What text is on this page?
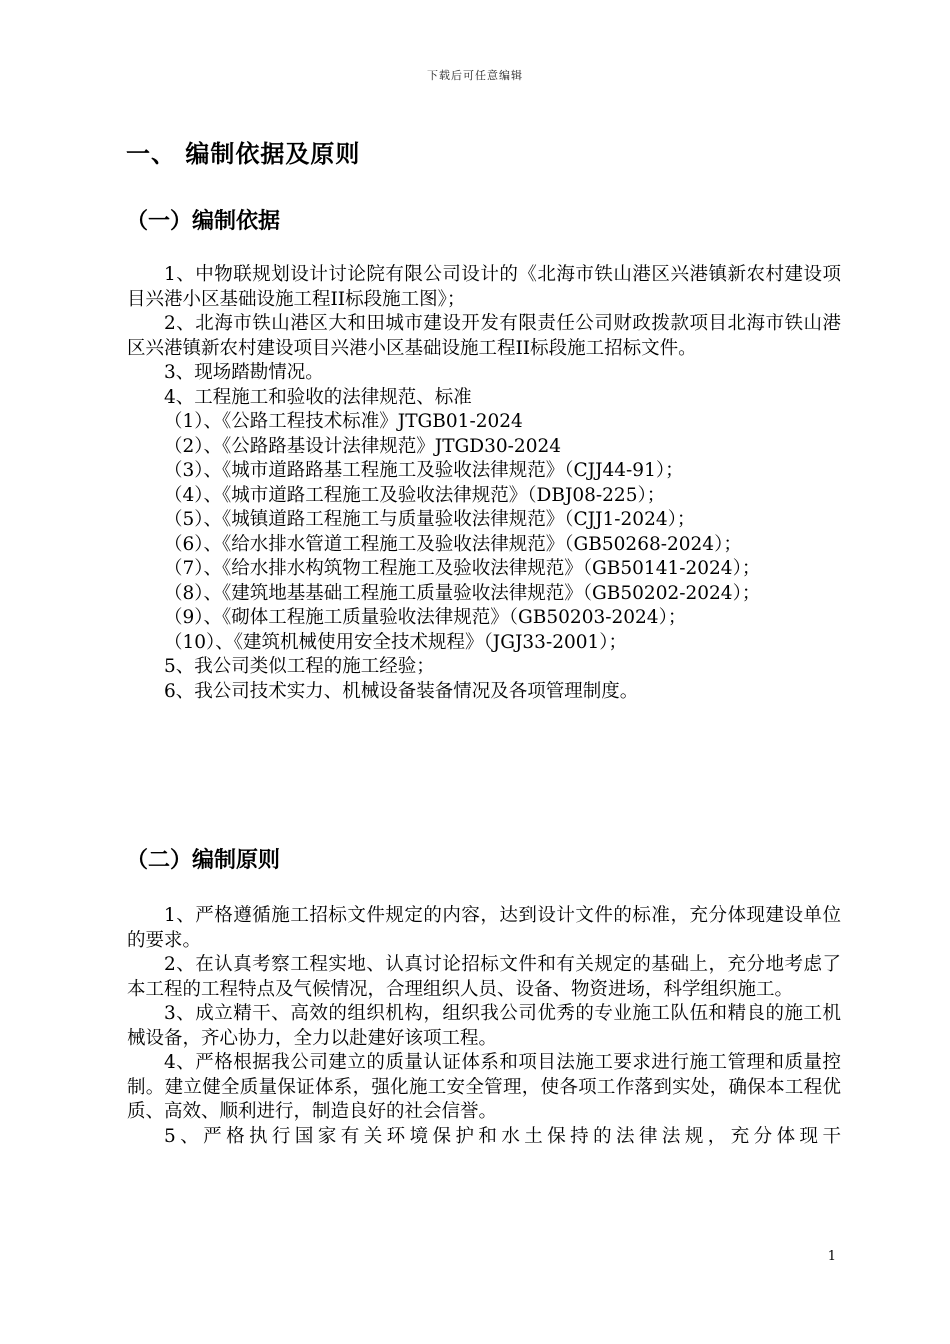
下载后可任意编辑
一、 编制依据及原则
（一）编制依据

1、中物联规划设计讨论院有限公司设计的《北海市铁山港区兴港镇新农村建设项目兴港小区基础设施工程II标段施工图》；

2、北海市铁山港区大和田城市建设开发有限责任公司财政拨款项目北海市铁山港区兴港镇新农村建设项目兴港小区基础设施工程II标段施工招标文件。

3、现场踏勘情况。

4、工程施工和验收的法律规范、标准

（1）、《公路工程技术标准》JTGB01-2024

（2）、《公路路基设计法律规范》JTGD30-2024

（3）、《城市道路路基工程施工及验收法律规范》（CJJ44-91）；

（4）、《城市道路工程施工及验收法律规范》（DBJ08-225）；

（5）、《城镇道路工程施工与质量验收法律规范》（CJJ1-2024）；

（6）、《给水排水管道工程施工及验收法律规范》（GB50268-2024）；

（7）、《给水排水构筑物工程施工及验收法律规范》（GB50141-2024）；

（8）、《建筑地基基础工程施工质量验收法律规范》（GB50202-2024）；

（9）、《砌体工程施工质量验收法律规范》（GB50203-2024）；

（10）、《建筑机械使用安全技术规程》（JGJ33-2001）；

5、我公司类似工程的施工经验；

6、我公司技术实力、机械设备装备情况及各项管理制度。

（二）编制原则

1、严格遵循施工招标文件规定的内容，达到设计文件的标准，充分体现建设单位的要求。

2、在认真考察工程实地、认真讨论招标文件和有关规定的基础上，充分地考虑了本工程的工程特点及气候情况，合理组织人员、设备、物资进场，科学组织施工。

3、成立精干、高效的组织机构，组织我公司优秀的专业施工队伍和精良的施工机械设备，齐心协力，全力以赴建好该项工程。

4、严格根据我公司建立的质量认证体系和项目法施工要求进行施工管理和质量控制。建立健全质量保证体系，强化施工安全管理，使各项工作落到实处，确保本工程优质、高效、顺利进行，制造良好的社会信誉。

5、严格执行国家有关环境保护和水土保持的法律法规，充分体现干

1
